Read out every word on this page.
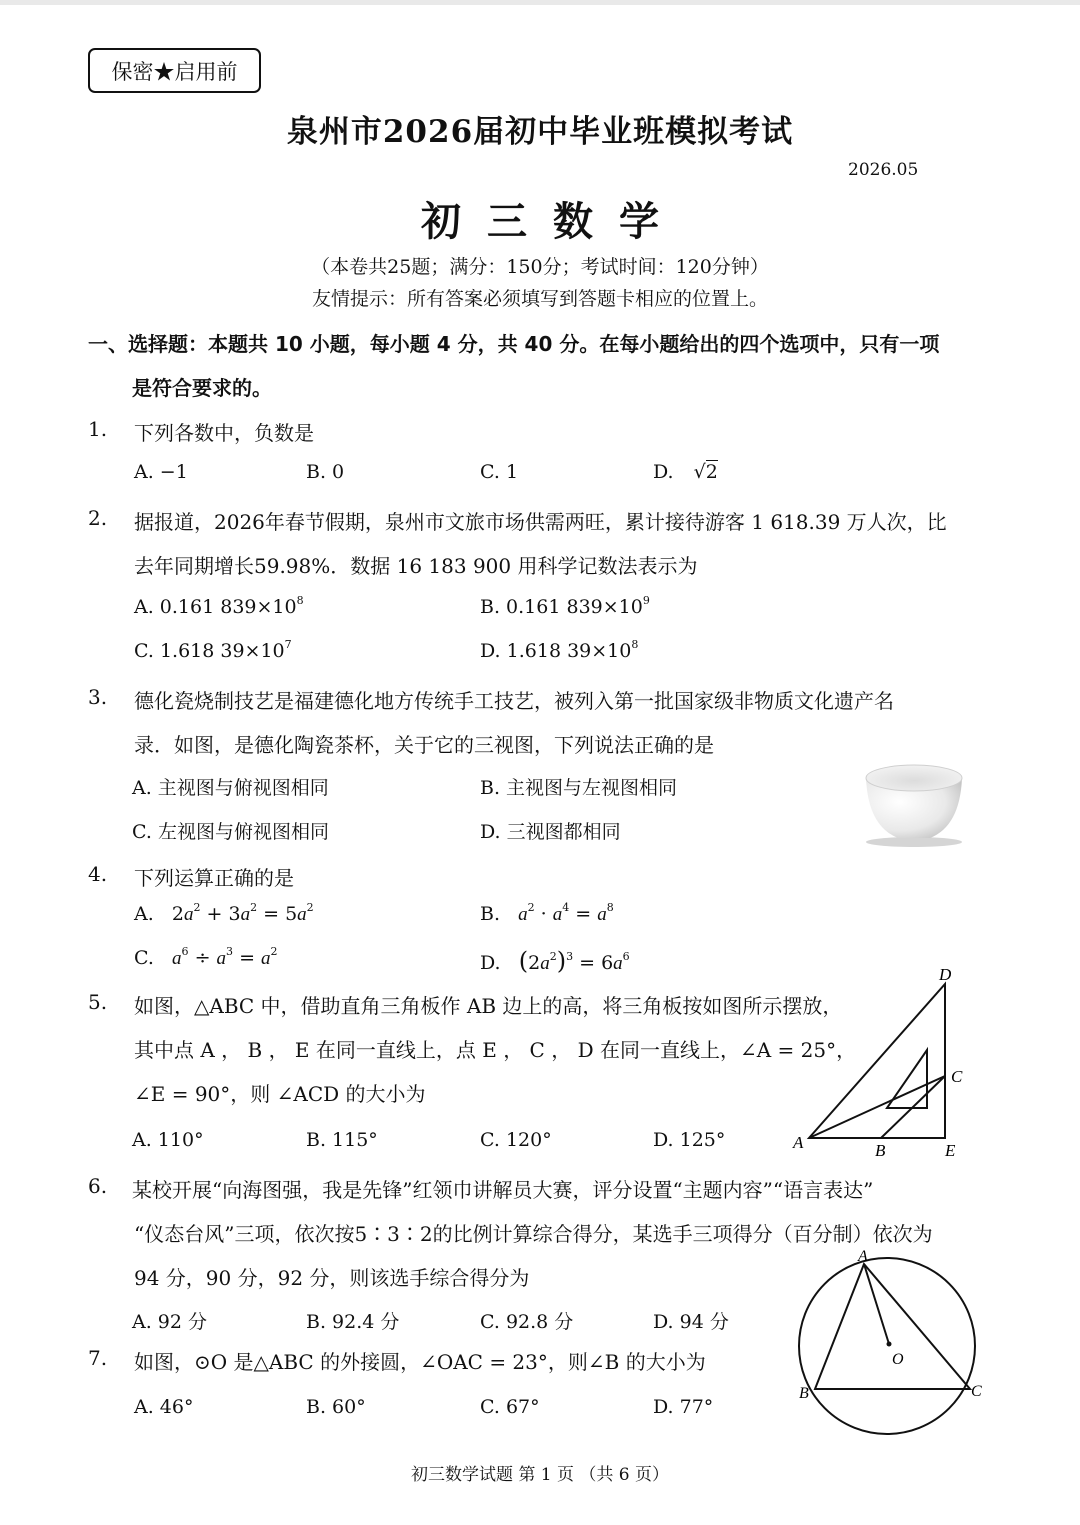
保密★启用前
泉州市2026届初中毕业班模拟考试
2026.05
初三数学
（本卷共25题；满分：150分；考试时间：120分钟）
友情提示：所有答案必须填写到答题卡相应的位置上。
一、选择题：本题共 10 小题，每小题 4 分，共 40 分。在每小题给出的四个选项中，只有一项
是符合要求的。
1. 下列各数中，负数是
A. −1	B. 0	C. 1	D. √2
2. 据报道，2026年春节假期，泉州市文旅市场供需两旺，累计接待游客 1 618.39 万人次，比
去年同期增长59.98%．数据 16 183 900 用科学记数法表示为
A. 0.161 $839\times 10^8$	B. 0.161 $839\times 10^9$
C. 1.618 $39\times 10^7$	D. 1.618 $39\times 10^8$
3. 德化瓷烧制技艺是福建德化地方传统手工技艺，被列入第一批国家级非物质文化遗产名
录．如图，是德化陶瓷茶杯，关于它的三视图，下列说法正确的是
A. 主视图与俯视图相同	B. 主视图与左视图相同
C. 左视图与俯视图相同	D. 三视图都相同
4. 下列运算正确的是
A.   $2a^2 + 3a^2 = 5a^2$	B. $a^2 \cdot a^4 = a^8$
C. $a^6 \div a^3 = a^2$
D. $(2a^2)^3 = 6a^6$
5. 如图，△ABC 中，借助直角三角板作 AB 边上的高，将三角板按如图所示摆放，
其中点 A ， B ， E 在同一直线上，点 E ， C ， D 在同一直线上，∠A = 25°，
∠E = 90°，则 ∠ACD 的大小为
A. 110°	B. 115°	C. 120°	D. 125°	A	B
C
D
E
6. 某校开展“向海图强，我是先锋”红领巾讲解员大赛，评分设置“主题内容”“语言表达”
“仪态台风”三项，依次按5∶3∶2的比例计算综合得分，某选手三项得分（百分制）依次为
94 分，90 分，92 分，则该选手综合得分为
A. 92 分	B. 92.4 分	C. 92.8 分	D. 94 分
7. 如图，⊙O 是△ABC 的外接圆，∠OAC = 23°，则∠B 的大小为
A. 46°	B. 60°	C. 67°	D. 77°
A
B	C
O
初三数学试题 第 1 页 （共 6 页）
